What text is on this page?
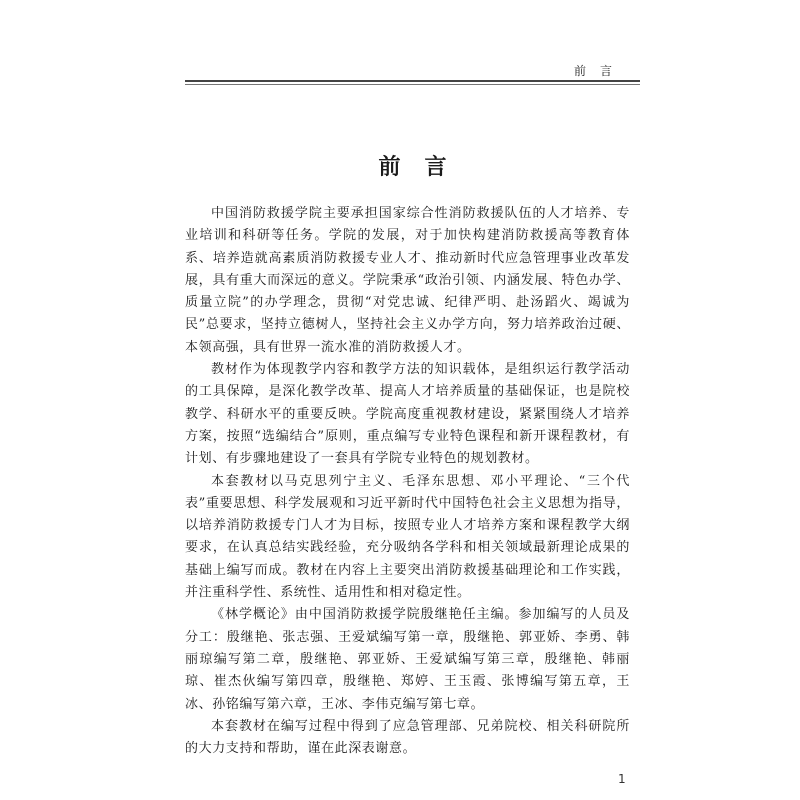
前言
前言

中国消防救援学院主要承担国家综合性消防救援队伍的人才培养、专业培训和科研等任务。学院的发展，对于加快构建消防救援高等教育体系、培养造就高素质消防救援专业人才、推动新时代应急管理事业改革发展，具有重大而深远的意义。学院秉承“政治引领、内涵发展、特色办学、质量立院”的办学理念，贯彻“对党忠诚、纪律严明、赴汤蹈火、竭诚为民”总要求，坚持立德树人，坚持社会主义办学方向，努力培养政治过硬、本领高强，具有世界一流水准的消防救援人才。

教材作为体现教学内容和教学方法的知识载体，是组织运行教学活动的工具保障，是深化教学改革、提高人才培养质量的基础保证，也是院校教学、科研水平的重要反映。学院高度重视教材建设，紧紧围绕人才培养方案，按照“选编结合”原则，重点编写专业特色课程和新开课程教材，有计划、有步骤地建设了一套具有学院专业特色的规划教材。

本套教材以马克思列宁主义、毛泽东思想、邓小平理论、“三个代表”重要思想、科学发展观和习近平新时代中国特色社会主义思想为指导，以培养消防救援专门人才为目标，按照专业人才培养方案和课程教学大纲要求，在认真总结实践经验，充分吸纳各学科和相关领域最新理论成果的基础上编写而成。教材在内容上主要突出消防救援基础理论和工作实践，并注重科学性、系统性、适用性和相对稳定性。

《林学概论》由中国消防救援学院殷继艳任主编。参加编写的人员及分工：殷继艳、张志强、王爱斌编写第一章，殷继艳、郭亚娇、李勇、韩丽琼编写第二章，殷继艳、郭亚娇、王爱斌编写第三章，殷继艳、韩丽琼、崔杰伙编写第四章，殷继艳、郑婷、王玉霞、张博编写第五章，王冰、孙铭编写第六章，王冰、李伟克编写第七章。

本套教材在编写过程中得到了应急管理部、兄弟院校、相关科研院所的大力支持和帮助，谨在此深表谢意。

1
